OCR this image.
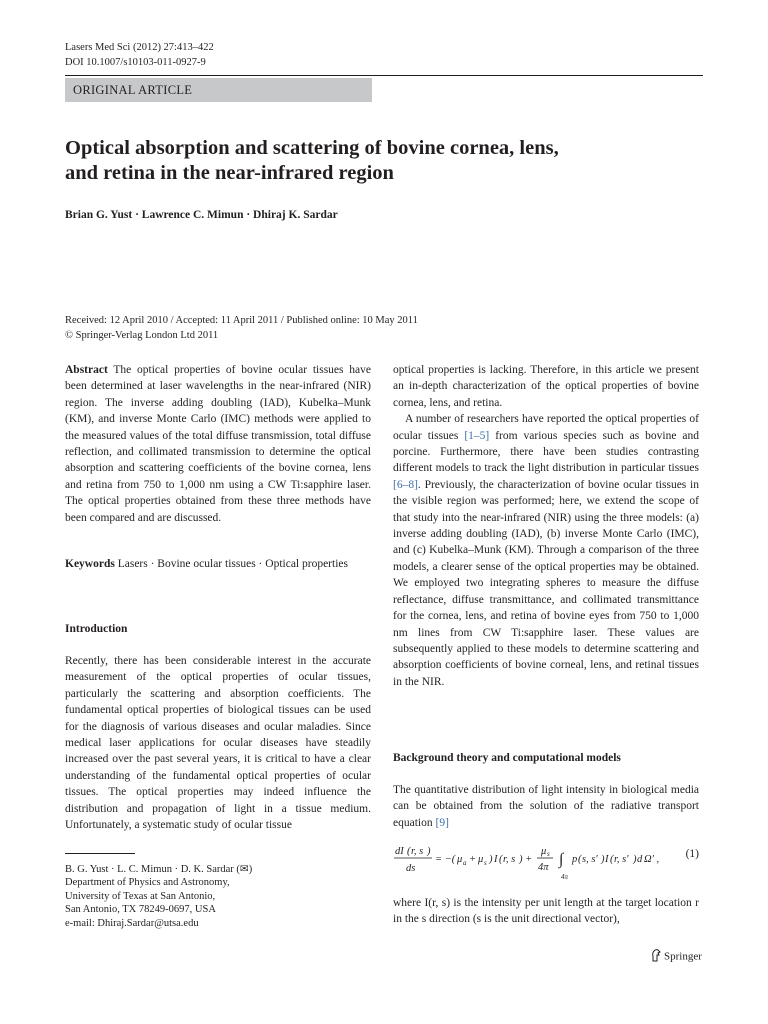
Lasers Med Sci (2012) 27:413–422
DOI 10.1007/s10103-011-0927-9
ORIGINAL ARTICLE
Optical absorption and scattering of bovine cornea, lens,
and retina in the near-infrared region
Brian G. Yust · Lawrence C. Mimun · Dhiraj K. Sardar
Received: 12 April 2010 / Accepted: 11 April 2011 / Published online: 10 May 2011
© Springer-Verlag London Ltd 2011

Abstract The optical properties of bovine ocular tissues have been determined at laser wavelengths in the near-infrared (NIR) region. The inverse adding doubling (IAD), Kubelka–Munk (KM), and inverse Monte Carlo (IMC) methods were applied to the measured values of the total diffuse transmission, total diffuse reflection, and collimated transmission to determine the optical absorption and scattering coefficients of the bovine cornea, lens and retina from 750 to 1,000 nm using a CW Ti:sapphire laser. The optical properties obtained from these three methods have been compared and are discussed.

Keywords Lasers · Bovine ocular tissues · Optical properties

Introduction

Recently, there has been considerable interest in the accurate measurement of the optical properties of ocular tissues, particularly the scattering and absorption coefficients. The fundamental optical properties of biological tissues can be used for the diagnosis of various diseases and ocular maladies. Since medical laser applications for ocular diseases have steadily increased over the past several years, it is critical to have a clear understanding of the fundamental optical properties of ocular tissues. The optical properties may indeed influence the distribution and propagation of light in a tissue medium. Unfortunately, a systematic study of ocular tissue

B. G. Yust · L. C. Mimun · D. K. Sardar (✉)
Department of Physics and Astronomy,
University of Texas at San Antonio,
San Antonio, TX 78249-0697, USA
e-mail: Dhiraj.Sardar@utsa.edu

optical properties is lacking. Therefore, in this article we present an in-depth characterization of the optical properties of bovine cornea, lens, and retina.

A number of researchers have reported the optical properties of ocular tissues [1–5] from various species such as bovine and porcine. Furthermore, there have been studies contrasting different models to track the light distribution in particular tissues [6–8]. Previously, the characterization of bovine ocular tissues in the visible region was performed; here, we extend the scope of that study into the near-infrared (NIR) using the three models: (a) inverse adding doubling (IAD), (b) inverse Monte Carlo (IMC), and (c) Kubelka–Munk (KM). Through a comparison of the three models, a clearer sense of the optical properties may be obtained. We employed two integrating spheres to measure the diffuse reflectance, diffuse transmittance, and collimated transmittance for the cornea, lens, and retina of bovine eyes from 750 to 1,000 nm lines from CW Ti:sapphire laser. These values are subsequently applied to these models to determine scattering and absorption coefficients of bovine corneal, lens, and retinal tissues in the NIR.

Background theory and computational models

The quantitative distribution of light intensity in biological media can be obtained from the solution of the radiative transport equation [9]

dI ( r, s )
ds
= −( μ a + μ s ) I ( r, s ) +
μ s
4π ∫
4π
p ( s, s′ ) I ( r, s′ ) d Ω′ , (1)

where I(r, s) is the intensity per unit length at the target location r in the s direction (s is the unit directional vector),

Springer
